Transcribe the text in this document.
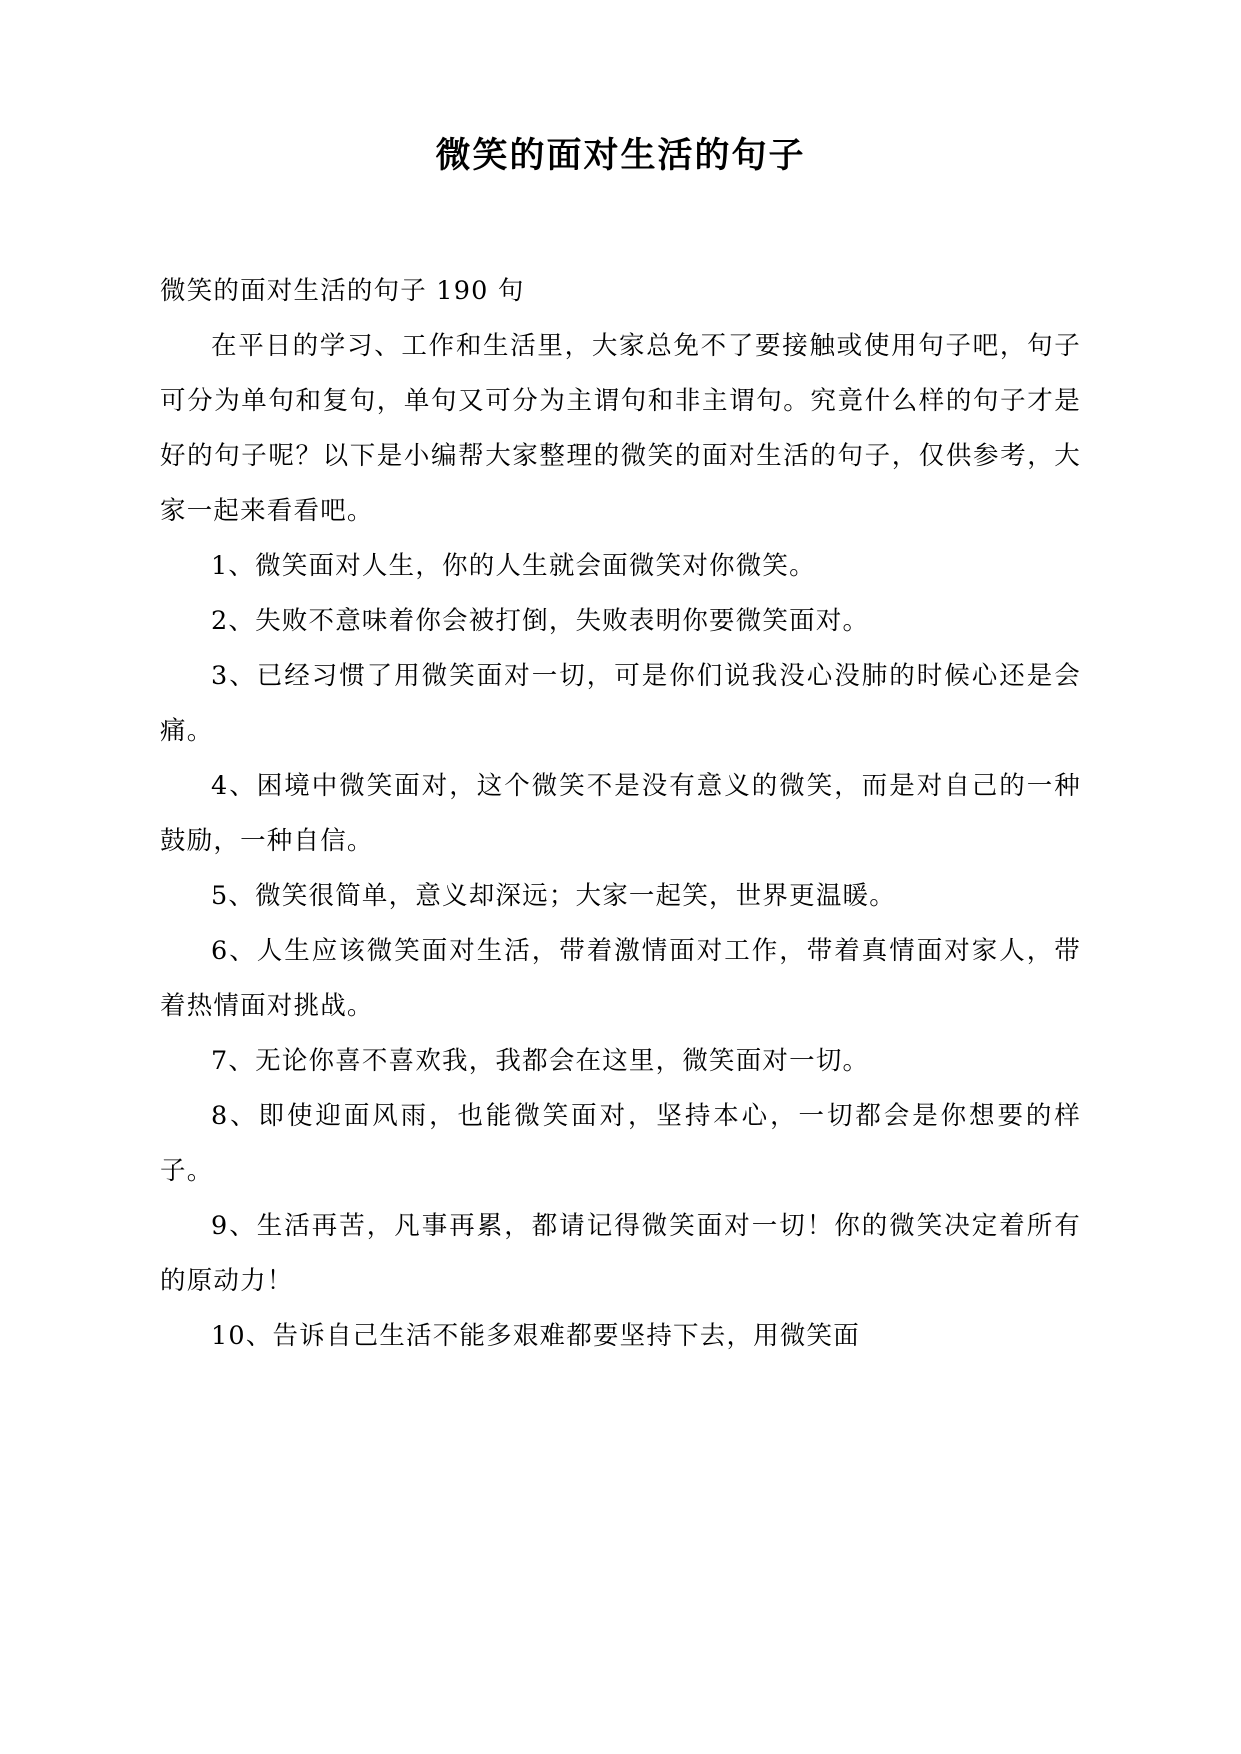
微笑的面对生活的句子

微笑的面对生活的句子 190 句

在平日的学习、工作和生活里，大家总免不了要接触或使用句子吧，句子可分为单句和复句，单句又可分为主谓句和非主谓句。究竟什么样的句子才是好的句子呢？以下是小编帮大家整理的微笑的面对生活的句子，仅供参考，大家一起来看看吧。

1、微笑面对人生，你的人生就会面微笑对你微笑。

2、失败不意味着你会被打倒，失败表明你要微笑面对。

3、已经习惯了用微笑面对一切，可是你们说我没心没肺的时候心还是会痛。

4、困境中微笑面对，这个微笑不是没有意义的微笑，而是对自己的一种鼓励，一种自信。

5、微笑很简单，意义却深远；大家一起笑，世界更温暖。

6、人生应该微笑面对生活，带着激情面对工作，带着真情面对家人，带着热情面对挑战。

7、无论你喜不喜欢我，我都会在这里，微笑面对一切。

8、即使迎面风雨，也能微笑面对，坚持本心，一切都会是你想要的样子。

9、生活再苦，凡事再累，都请记得微笑面对一切！你的微笑决定着所有的原动力！

10、告诉自己生活不能多艰难都要坚持下去，用微笑面
